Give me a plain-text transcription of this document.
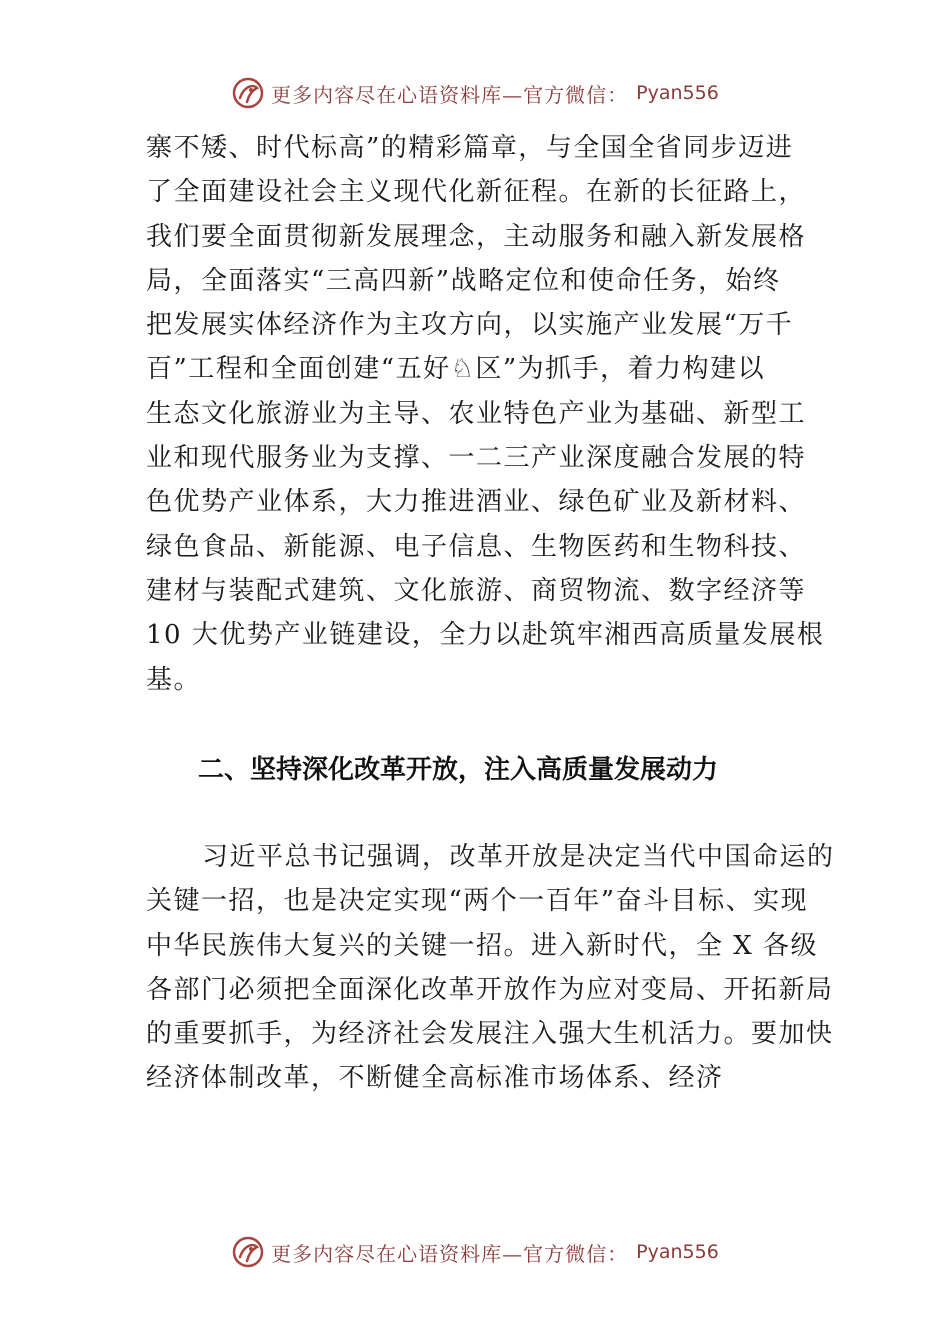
更多内容尽在心语资料库—官方微信： Pyan556
寨不矮、时代标高”的精彩篇章，与全国全省同步迈进
了全面建设社会主义现代化新征程。在新的长征路上，
我们要全面贯彻新发展理念，主动服务和融入新发展格
局，全面落实“三高四新”战略定位和使命任务，始终
把发展实体经济作为主攻方向，以实施产业发展“万千
百”工程和全面创建“五好♘区”为抓手，着力构建以
生态文化旅游业为主导、农业特色产业为基础、新型工
业和现代服务业为支撑、一二三产业深度融合发展的特
色优势产业体系，大力推进酒业、绿色矿业及新材料、
绿色食品、新能源、电子信息、生物医药和生物科技、
建材与装配式建筑、文化旅游、商贸物流、数字经济等
10 大优势产业链建设，全力以赴筑牢湘西高质量发展根
基。
二、坚持深化改革开放，注入高质量发展动力
习近平总书记强调，改革开放是决定当代中国命运的
关键一招，也是决定实现“两个一百年”奋斗目标、实现
中华民族伟大复兴的关键一招。进入新时代，全 X 各级
各部门必须把全面深化改革开放作为应对变局、开拓新局
的重要抓手，为经济社会发展注入强大生机活力。要加快
经济体制改革，不断健全高标准市场体系、经济
更多内容尽在心语资料库—官方微信： Pyan556
